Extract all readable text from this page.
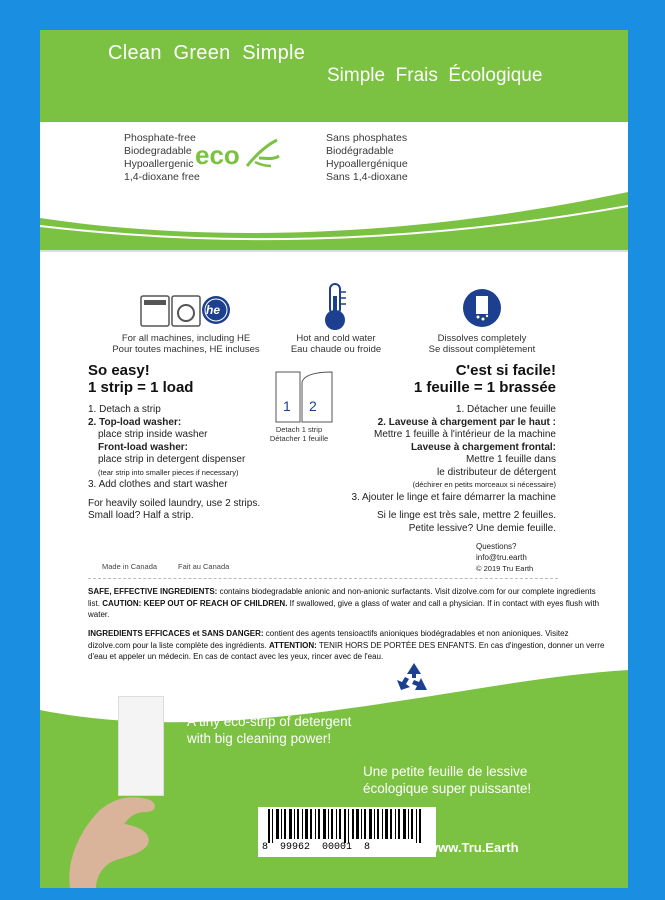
Clean  Green  Simple
Simple  Frais  Écologique
Phosphate-free
Biodegradable
Hypoallergenic
1,4-dioxane free
eco
Sans phosphates
Biodégradable
Hypoallergénique
Sans 1,4-dioxane
he
For all machines, including HE
Pour toutes machines, HE incluses
Hot and cold water
Eau chaude ou froide
Dissolves completely
Se dissout complètement
So easy!
1 strip = 1 load
1. Detach a strip
2. Top-load washer:
place strip inside washer
Front-load washer:
place strip in detergent dispenser
(tear strip into smaller pieces if necessary)
3. Add clothes and start washer
For heavily soiled laundry, use 2 strips.
Small load? Half a strip.
1 2
Detach 1 strip
Détacher 1 feuille
C'est si facile!
1 feuille = 1 brassée
1. Détacher une feuille
2. Laveuse à chargement par le haut :
Mettre 1 feuille à l'intérieur de la machine
Laveuse à chargement frontal:
Mettre 1 feuille dans
le distributeur de détergent
(déchirer en petits morceaux si nécessaire)
3. Ajouter le linge et faire démarrer la machine
Si le linge est très sale, mettre 2 feuilles.
Petite lessive? Une demie feuille.
Made in Canada	Fait au Canada
Questions?
info@tru.earth
© 2019 Tru Earth
SAFE, EFFECTIVE INGREDIENTS: contains biodegradable anionic and non-anionic surfactants. Visit dizolve.com for our complete ingredients list. CAUTION: KEEP OUT OF REACH OF CHILDREN. If swallowed, give a glass of water and call a physician. If in contact with eyes flush with water.
INGREDIENTS EFFICACES et SANS DANGER: contient des agents tensioactifs anioniques biodégradables et non anioniques. Visitez dizolve.com pour la liste complète des ingrédients. ATTENTION: TENIR HORS DE PORTÉE DES ENFANTS. En cas d'ingestion, donner un verre d'eau et appeler un médecin. En cas de contact avec les yeux, rincer avec de l'eau.
A tiny eco-strip of detergent
with big cleaning power!
Une petite feuille de lessive
écologique super puissante!
8  99962  00001  8	www.Tru.Earth
